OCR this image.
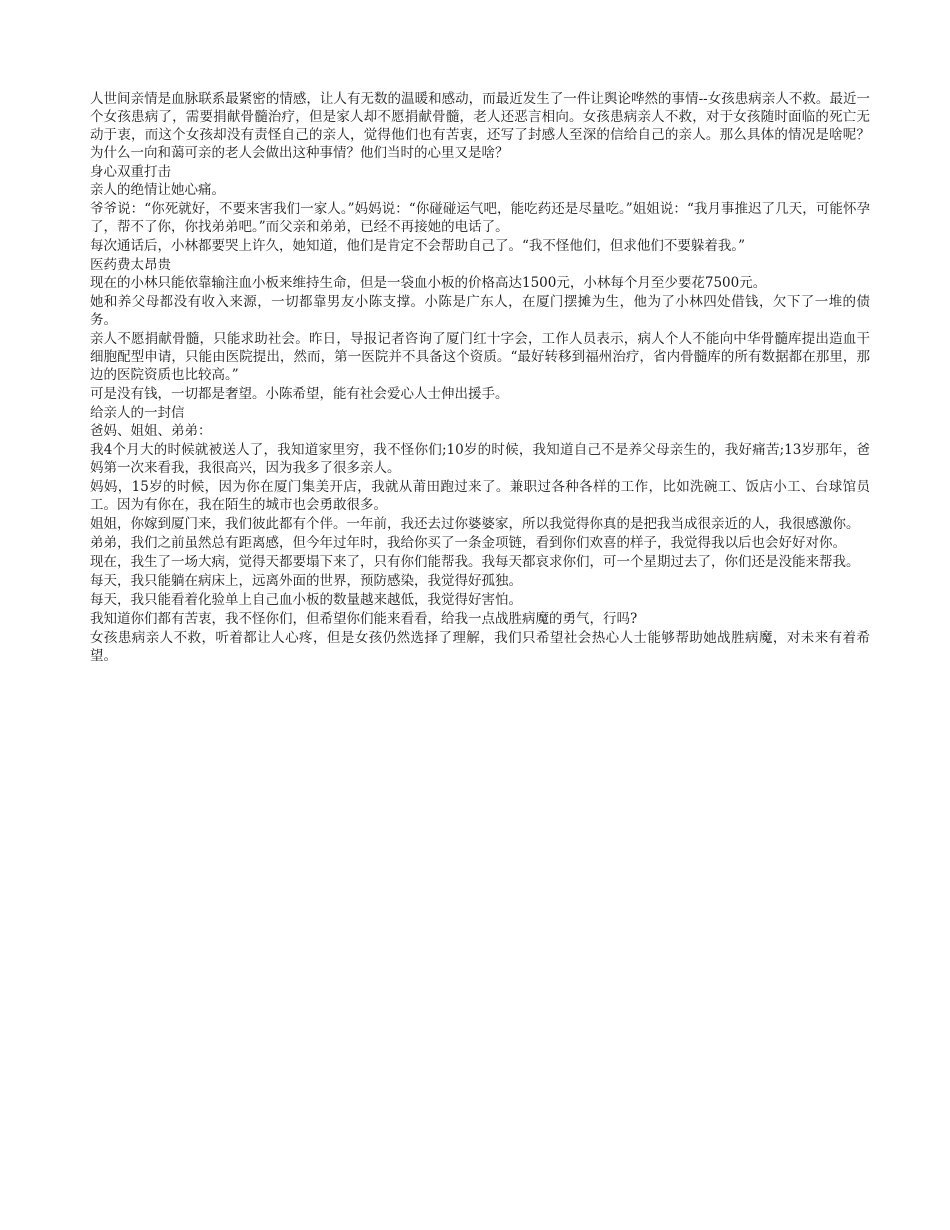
人世间亲情是血脉联系最紧密的情感，让人有无数的温暖和感动，而最近发生了一件让舆论哗然的事情--女孩患病亲人不救。最近一个女孩患病了，需要捐献骨髓治疗，但是家人却不愿捐献骨髓，老人还恶言相向。女孩患病亲人不救，对于女孩随时面临的死亡无动于衷，而这个女孩却没有责怪自己的亲人，觉得他们也有苦衷，还写了封感人至深的信给自己的亲人。那么具体的情况是啥呢？为什么一向和蔼可亲的老人会做出这种事情？他们当时的心里又是啥？

身心双重打击

亲人的绝情让她心痛。

爷爷说：“你死就好，不要来害我们一家人。”妈妈说：“你碰碰运气吧，能吃药还是尽量吃。”姐姐说：“我月事推迟了几天，可能怀孕了，帮不了你，你找弟弟吧。”而父亲和弟弟，已经不再接她的电话了。

每次通话后，小林都要哭上许久，她知道，他们是肯定不会帮助自己了。“我不怪他们，但求他们不要躲着我。”

医药费太昂贵

现在的小林只能依靠输注血小板来维持生命，但是一袋血小板的价格高达1500元，小林每个月至少要花7500元。

她和养父母都没有收入来源，一切都靠男友小陈支撑。小陈是广东人，在厦门摆摊为生，他为了小林四处借钱，欠下了一堆的债务。

亲人不愿捐献骨髓，只能求助社会。昨日，导报记者咨询了厦门红十字会，工作人员表示，病人个人不能向中华骨髓库提出造血干细胞配型申请，只能由医院提出，然而，第一医院并不具备这个资质。“最好转移到福州治疗，省内骨髓库的所有数据都在那里，那边的医院资质也比较高。”

可是没有钱，一切都是奢望。小陈希望，能有社会爱心人士伸出援手。

给亲人的一封信

爸妈、姐姐、弟弟：

我4个月大的时候就被送人了，我知道家里穷，我不怪你们;10岁的时候，我知道自己不是养父母亲生的，我好痛苦;13岁那年，爸妈第一次来看我，我很高兴，因为我多了很多亲人。

妈妈，15岁的时候，因为你在厦门集美开店，我就从莆田跑过来了。兼职过各种各样的工作，比如洗碗工、饭店小工、台球馆员工。因为有你在，我在陌生的城市也会勇敢很多。

姐姐，你嫁到厦门来，我们彼此都有个伴。一年前，我还去过你婆婆家，所以我觉得你真的是把我当成很亲近的人，我很感激你。

弟弟，我们之前虽然总有距离感，但今年过年时，我给你买了一条金项链，看到你们欢喜的样子，我觉得我以后也会好好对你。

现在，我生了一场大病，觉得天都要塌下来了，只有你们能帮我。我每天都哀求你们，可一个星期过去了，你们还是没能来帮我。

每天，我只能躺在病床上，远离外面的世界，预防感染，我觉得好孤独。

每天，我只能看着化验单上自己血小板的数量越来越低，我觉得好害怕。

我知道你们都有苦衷，我不怪你们，但希望你们能来看看，给我一点战胜病魔的勇气，行吗?

女孩患病亲人不救，听着都让人心疼，但是女孩仍然选择了理解，我们只希望社会热心人士能够帮助她战胜病魔，对未来有着希望。
